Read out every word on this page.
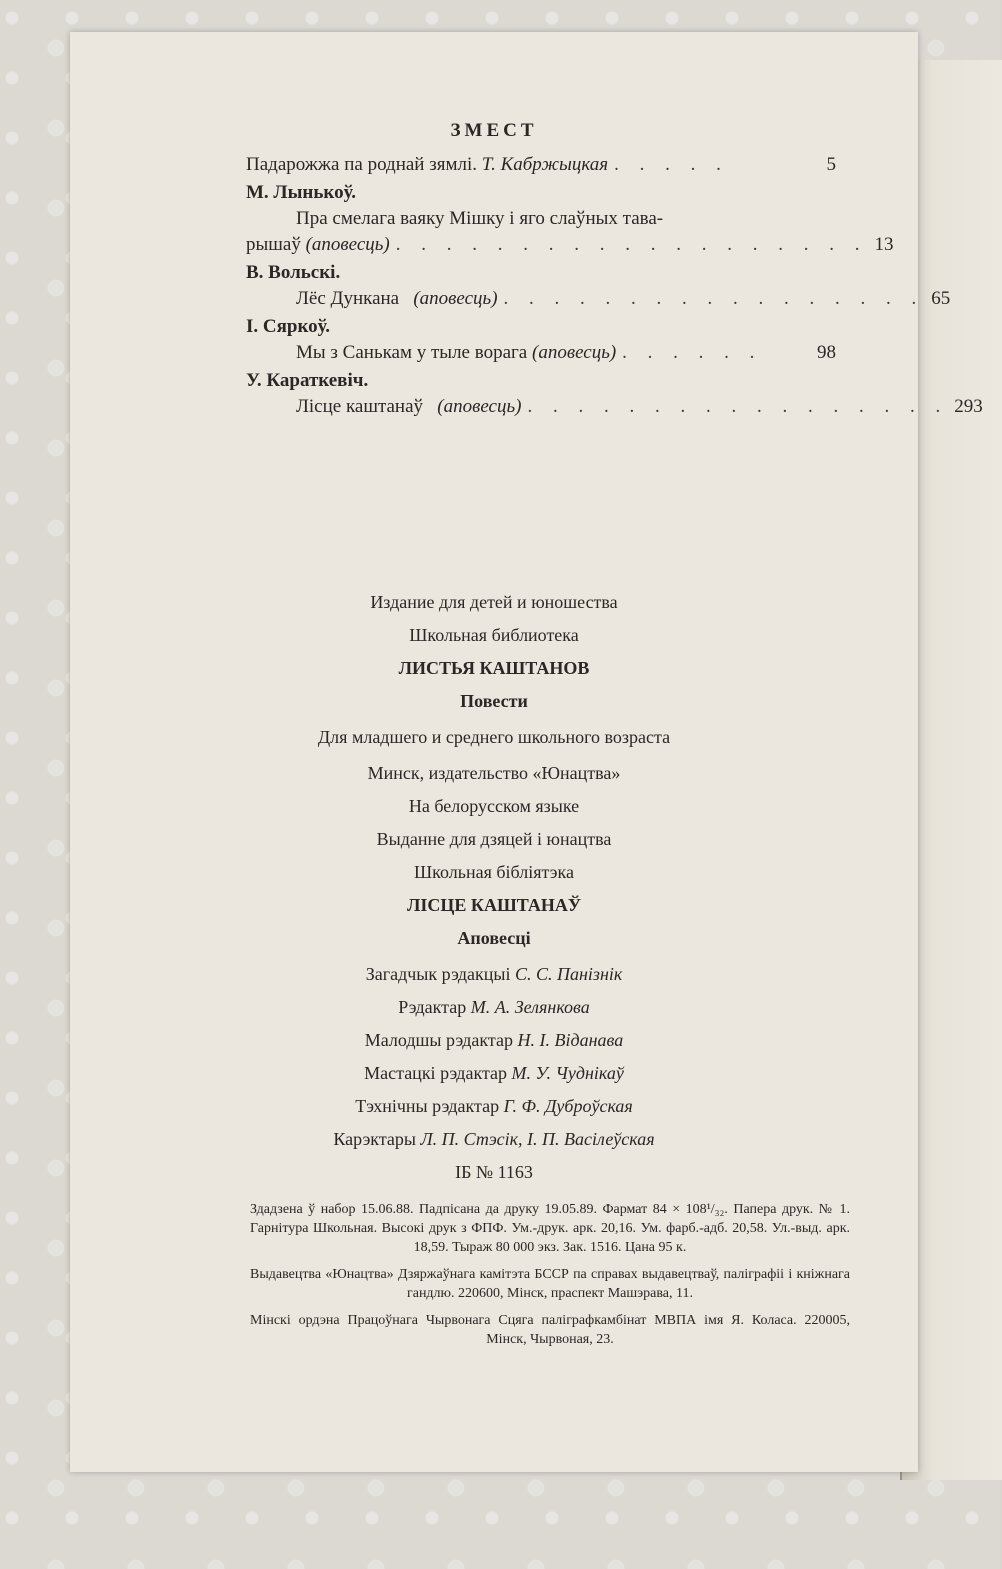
ЗМЕСТ
Падарожжа па роднай зямлі.
Т. Кабржыцкая . . . . .	5
М. Лынькоў.
Пра смелага ваяку Мішку і яго слаўных тава-
рышаў
(аповесць) . . . . . . . . . . . . . . . . . . . 13
В. Вольскі.
Лёс Дункана
(аповесць) . . . . . . . . . . . . . . . . . 65
І. Сяркоў.
Мы з Санькам у тыле ворага
(аповесць) . . . . . .	98
У. Караткевіч.
Лісце каштанаў
(аповесць) . . . . . . . . . . . . . . . . . 293
Издание для детей и юношества
Школьная библиотека
ЛИСТЬЯ КАШТАНОВ
Повести
Для младшего и среднего школьного возраста
Минск, издательство «Юнацтва»
На белорусском языке
Выданне для дзяцей і юнацтва
Школьная бібліятэка
ЛІСЦЕ КАШТАНАЎ
Аповесці
Загадчык рэдакцыі С. С. Панізнік
Рэдактар М. А. Зелянкова
Малодшы рэдактар Н. І. Віданава
Мастацкі рэдактар М. У. Чуднікаў
Тэхнічны рэдактар Г. Ф. Дуброўская
Карэктары Л. П. Стэсік, І. П. Васілеўская
ІБ № 1163

Здадзена ў набор 15.06.88. Падпісана да друку 19.05.89. Фармат 84 × 108¹/₃₂. Папера друк. № 1. Гарнітура Школьная. Высокі друк з ФПФ. Ум.-друк. арк. 20,16. Ум. фарб.-адб. 20,58. Ул.-выд. арк. 18,59. Тыраж 80 000 экз. Зак. 1516. Цана 95 к.

Выдавецтва «Юнацтва» Дзяржаўнага камітэта БССР па справах выдавецтваў, паліграфіі і кніжнага гандлю. 220600, Мінск, праспект Машэрава, 11.

Мінскі ордэна Працоўнага Чырвонага Сцяга паліграфкамбінат МВПА імя Я. Коласа. 220005, Мінск, Чырвоная, 23.
